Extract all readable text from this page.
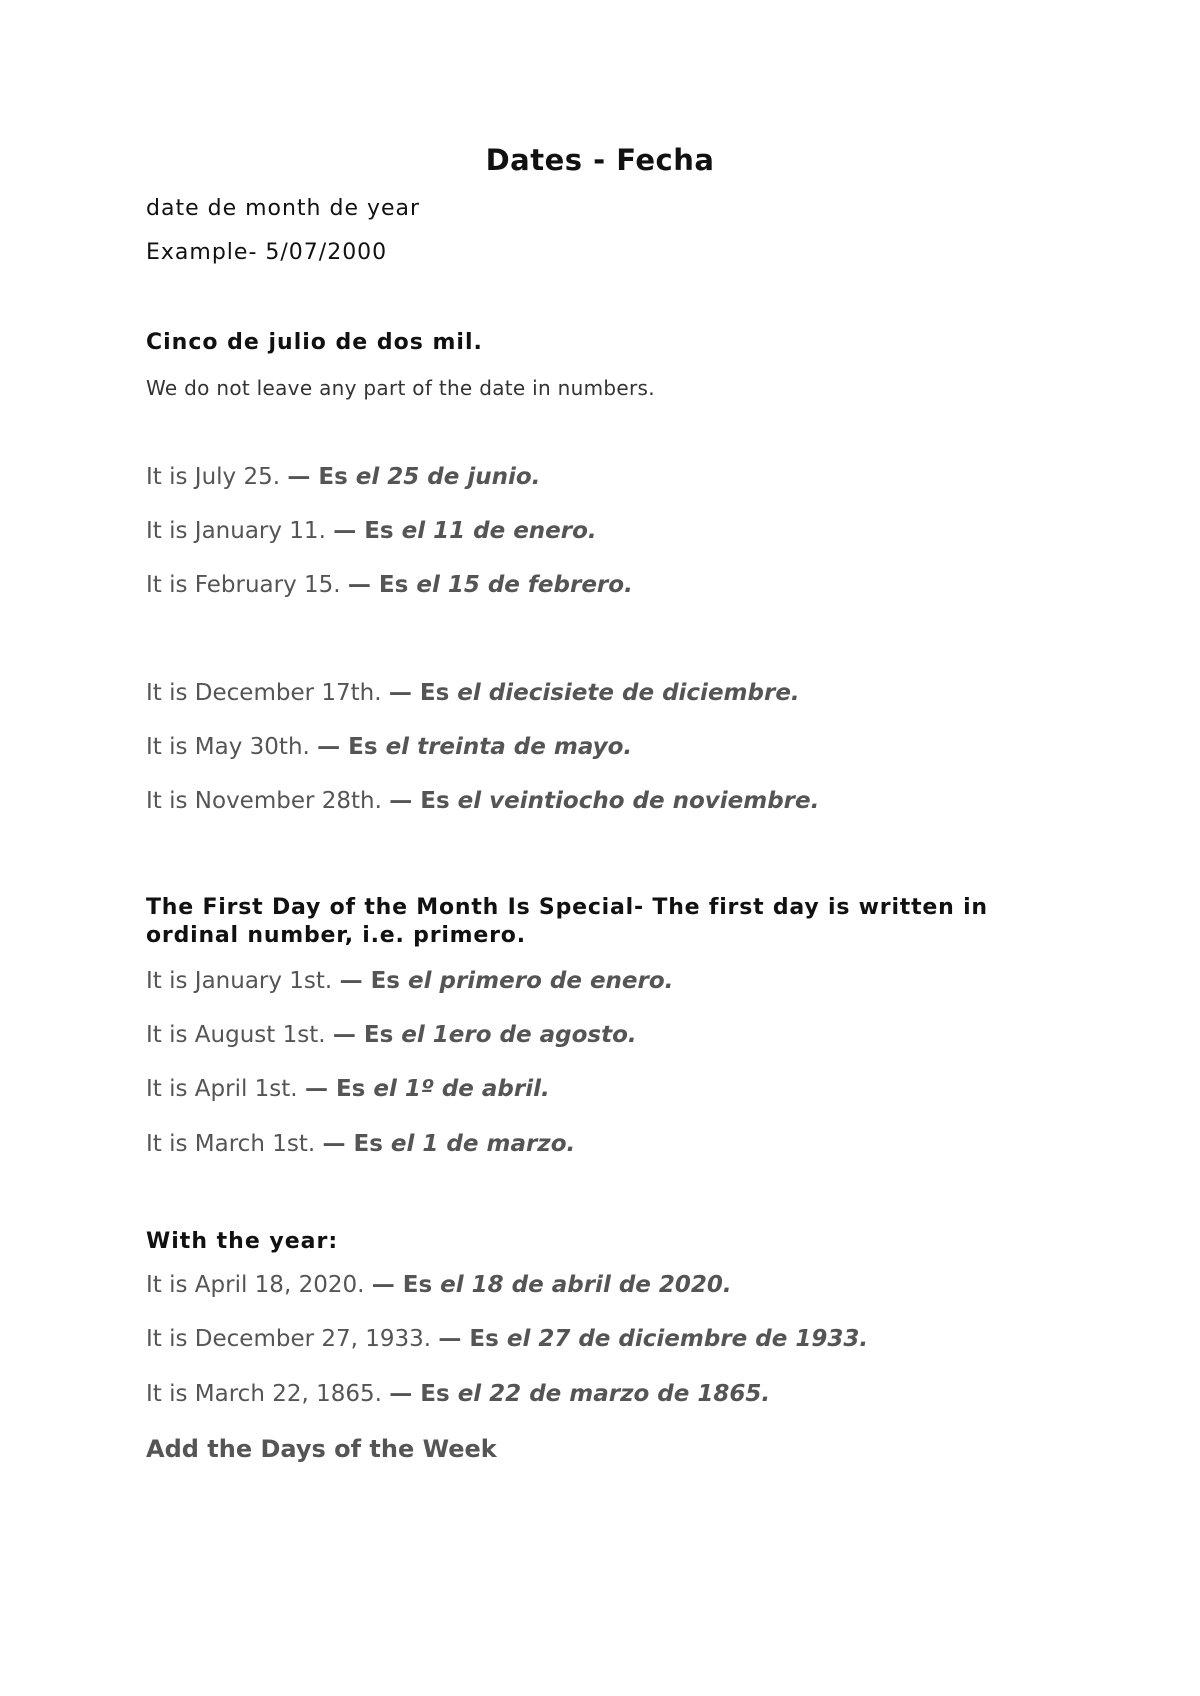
Dates - Fecha

date de month de year

Example- 5/07/2000

Cinco de julio de dos mil.

We do not leave any part of the date in numbers.

It is July 25. — Es el 25 de junio.

It is January 11. — Es el 11 de enero.

It is February 15. — Es el 15 de febrero.

It is December 17th. — Es el diecisiete de diciembre.

It is May 30th. — Es el treinta de mayo.

It is November 28th. — Es el veintiocho de noviembre.

The First Day of the Month Is Special- The first day is written in ordinal number, i.e. primero.

It is January 1st. — Es el primero de enero.

It is August 1st. — Es el 1ero de agosto.

It is April 1st. — Es el 1º de abril.

It is March 1st. — Es el 1 de marzo.

With the year:

It is April 18, 2020. — Es el 18 de abril de 2020.

It is December 27, 1933. — Es el 27 de diciembre de 1933.

It is March 22, 1865. — Es el 22 de marzo de 1865.

Add the Days of the Week
